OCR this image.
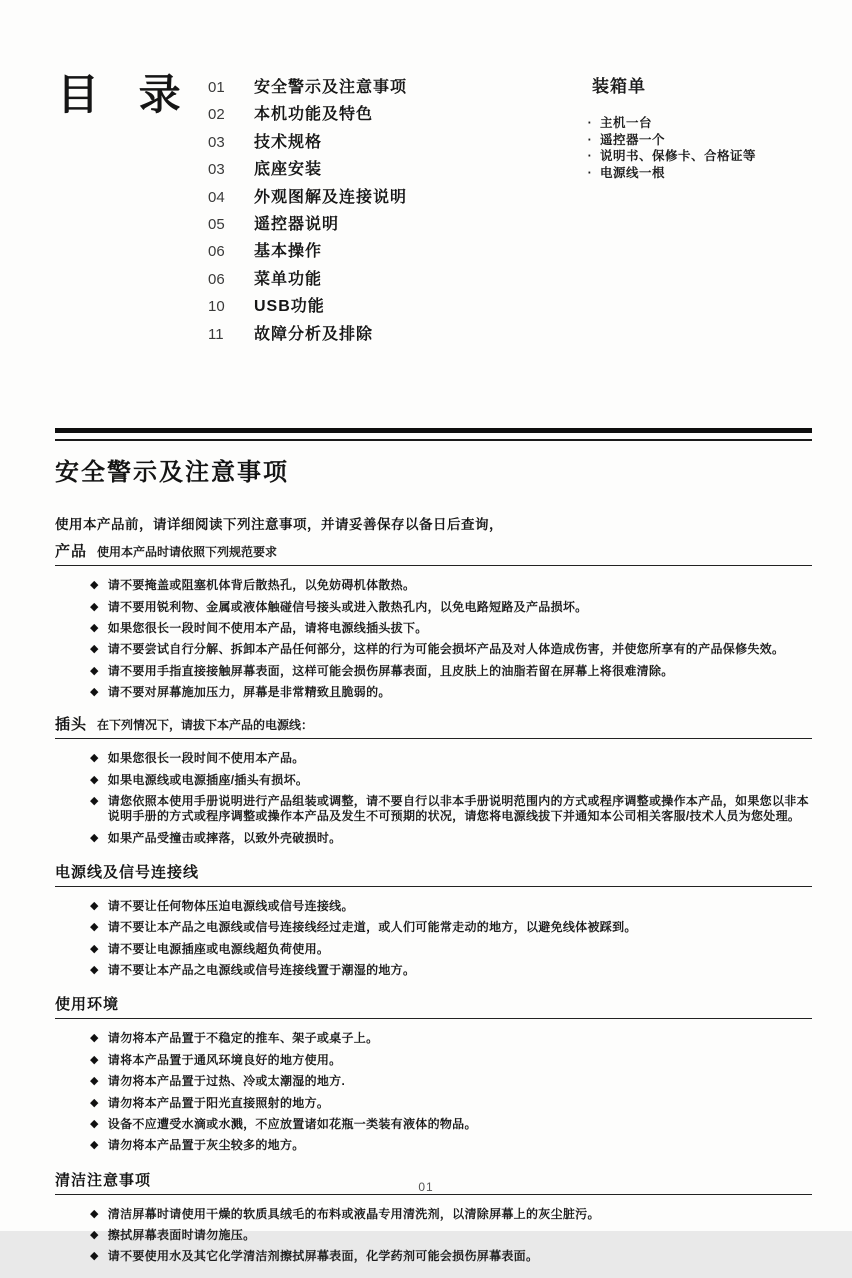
目 录 01	安全警示及注意事项
02	本机功能及特色
03	技术规格
03	底座安装
04	外观图解及连接说明
05	遥控器说明
06	基本操作
06	菜单功能
10	USB功能
11	故障分析及排除
装箱单
· 主机一台
· 遥控器一个
· 说明书、保修卡、合格证等
· 电源线一根
安全警示及注意事项

使用本产品前，请详细阅读下列注意事项，并请妥善保存以备日后查询，

产品 使用本产品时请依照下列规范要求
◆ 请不要掩盖或阻塞机体背后散热孔，以免妨碍机体散热。
◆ 请不要用锐利物、金属或液体触碰信号接头或进入散热孔内，以免电路短路及产品损坏。
◆ 如果您很长一段时间不使用本产品，请将电源线插头拔下。
◆ 请不要尝试自行分解、拆卸本产品任何部分，这样的行为可能会损坏产品及对人体造成伤害，并使您所享有的产品保修失效。
◆ 请不要用手指直接接触屏幕表面，这样可能会损伤屏幕表面，且皮肤上的油脂若留在屏幕上将很难清除。
◆ 请不要对屏幕施加压力，屏幕是非常精致且脆弱的。
插头 在下列情况下，请拔下本产品的电源线：
◆ 如果您很长一段时间不使用本产品。
◆ 如果电源线或电源插座/插头有损坏。
◆ 请您依照本使用手册说明进行产品组装或调整，请不要自行以非本手册说明范围内的方式或程序调整或操作本产品，如果您以非本说明手册的方式或程序调整或操作本产品及发生不可预期的状况，请您将电源线拔下并通知本公司相关客服/技术人员为您处理。
◆ 如果产品受撞击或摔落，以致外壳破损时。
电源线及信号连接线
◆ 请不要让任何物体压迫电源线或信号连接线。
◆ 请不要让本产品之电源线或信号连接线经过走道，或人们可能常走动的地方，以避免线体被踩到。
◆ 请不要让电源插座或电源线超负荷使用。
◆ 请不要让本产品之电源线或信号连接线置于潮湿的地方。
使用环境
◆ 请勿将本产品置于不稳定的推车、架子或桌子上。
◆ 请将本产品置于通风环境良好的地方使用。
◆ 请勿将本产品置于过热、冷或太潮湿的地方.
◆ 请勿将本产品置于阳光直接照射的地方。
◆ 设备不应遭受水滴或水溅，不应放置诸如花瓶一类装有液体的物品。
◆ 请勿将本产品置于灰尘较多的地方。
清洁注意事项
◆ 清洁屏幕时请使用干燥的软质具绒毛的布料或液晶专用清洗剂，以清除屏幕上的灰尘脏污。
◆ 擦拭屏幕表面时请勿施压。
◆ 请不要使用水及其它化学清洁剂擦拭屏幕表面，化学药剂可能会损伤屏幕表面。
01
